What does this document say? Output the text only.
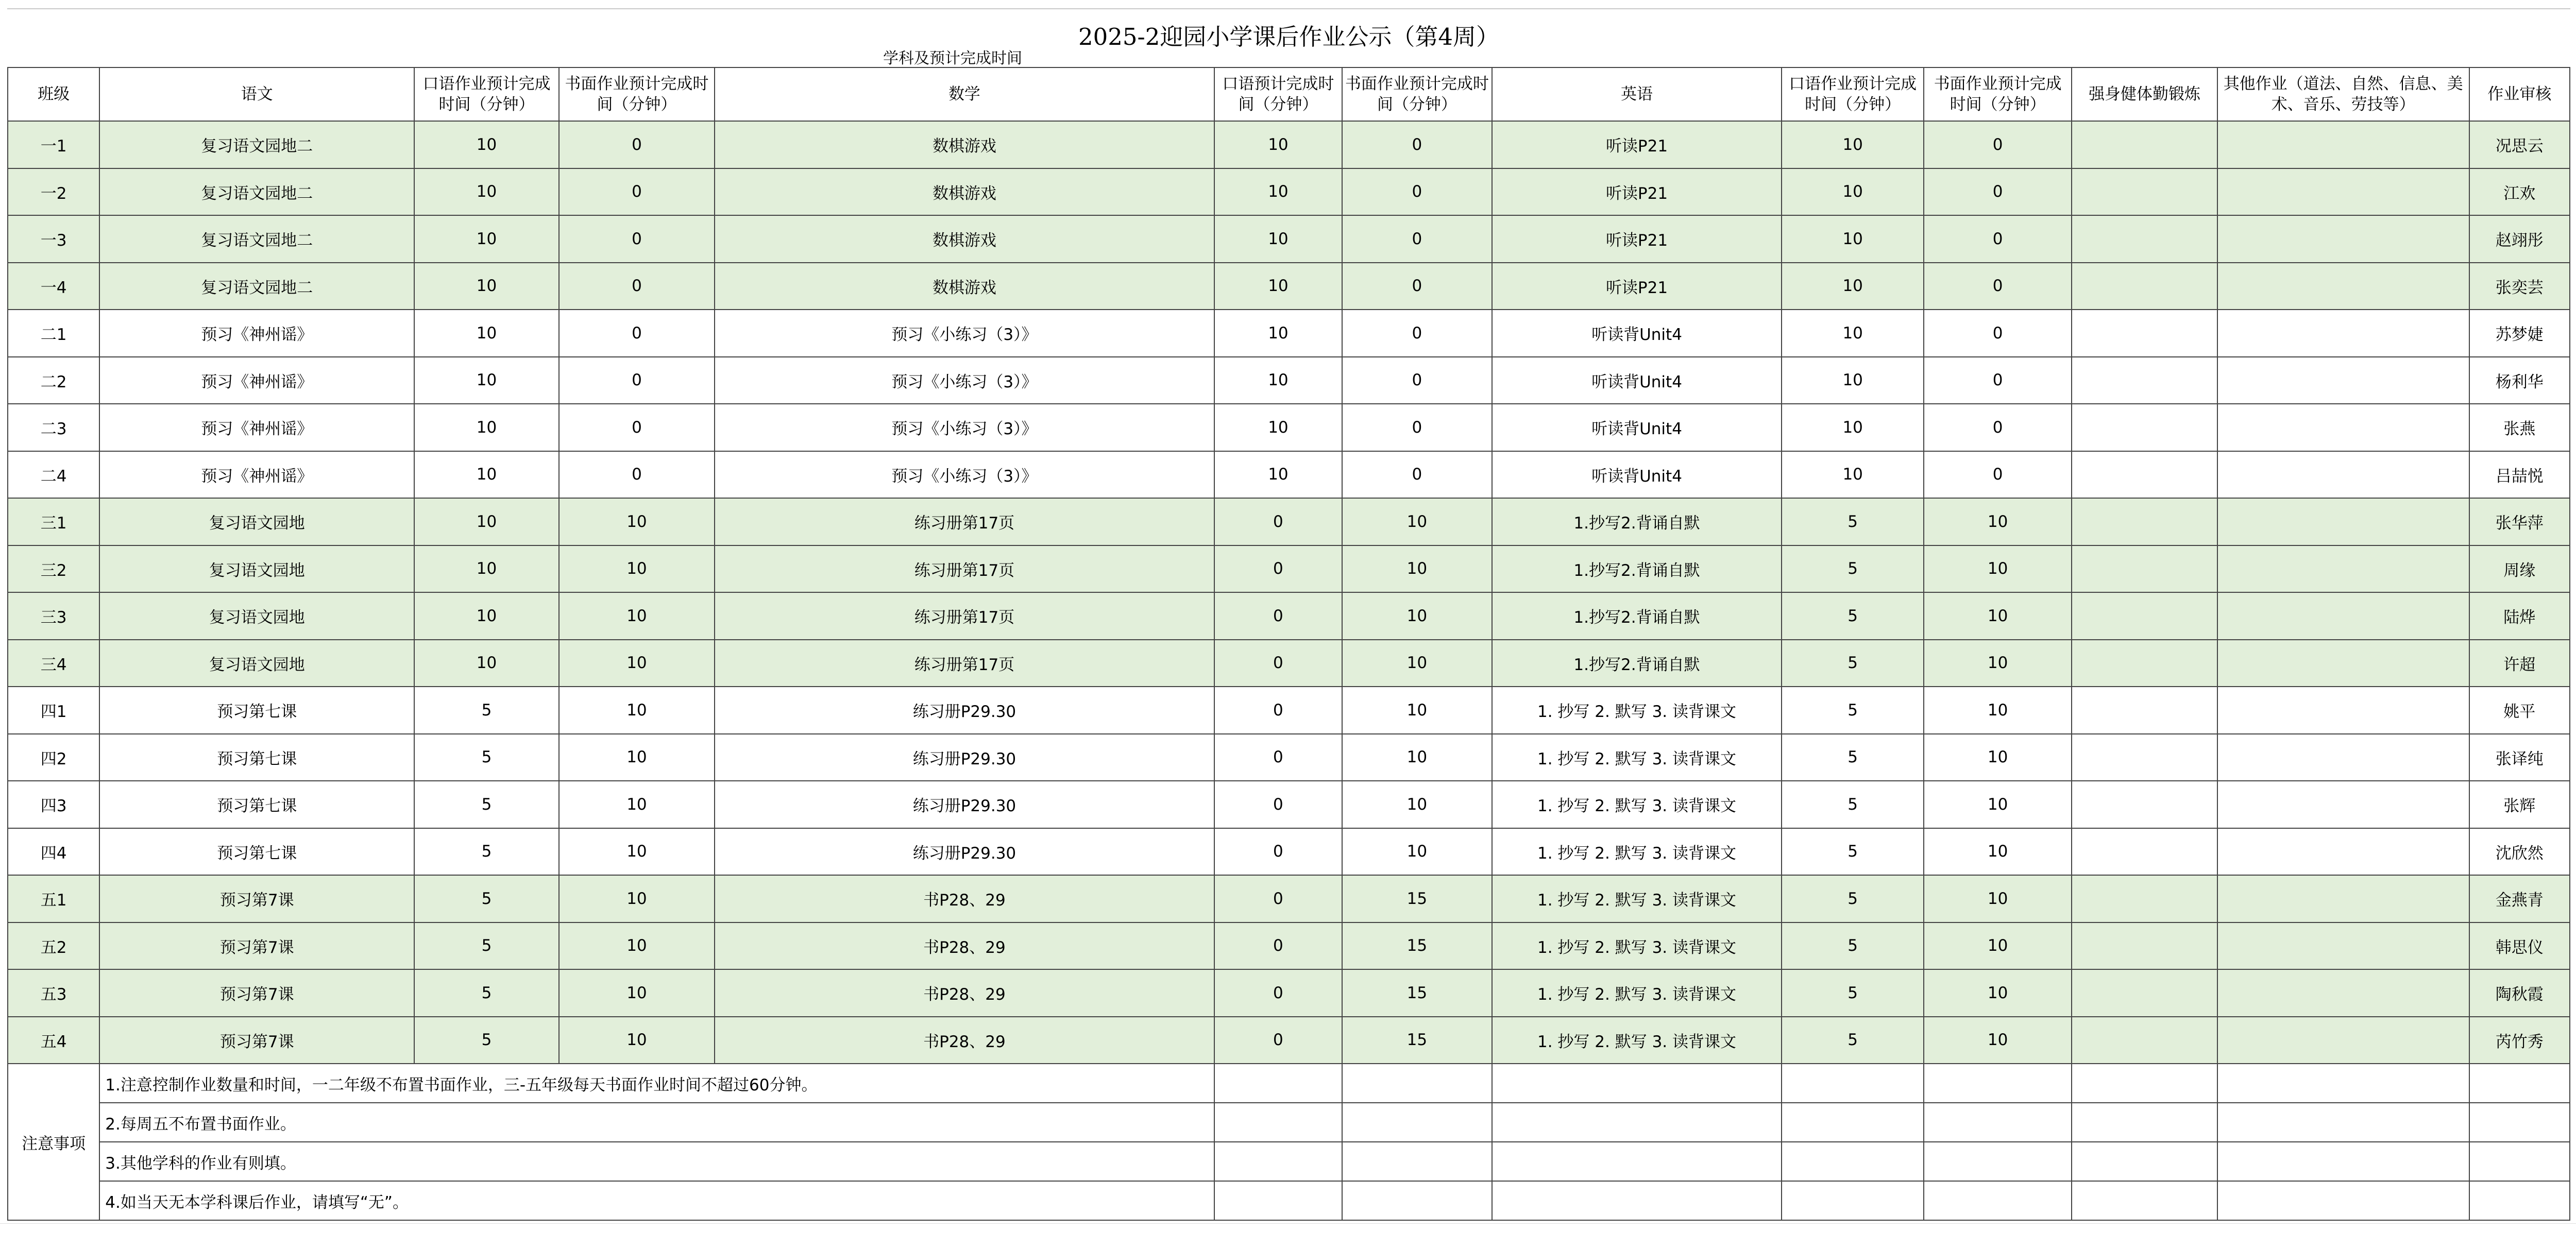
2025-2迎园小学课后作业公示（第4周）
学科及预计完成时间
班级	语文	口语作业预计完成时间（分钟）	书面作业预计完成时间（分钟）	数学	口语预计完成时间（分钟）	书面作业预计完成时间（分钟）	英语	口语作业预计完成时间（分钟）	书面作业预计完成时间（分钟）	强身健体勤锻炼	其他作业（道法、自然、信息、美术、音乐、劳技等）	作业审核
一1	复习语文园地二	10	0	数棋游戏	10	0	听读P21	10	0			况思云
一2	复习语文园地二	10	0	数棋游戏	10	0	听读P21	10	0			江欢
一3	复习语文园地二	10	0	数棋游戏	10	0	听读P21	10	0			赵翊彤
一4	复习语文园地二	10	0	数棋游戏	10	0	听读P21	10	0			张奕芸
二1	预习《神州谣》	10	0	预习《小练习（3）》	10	0	听读背Unit4	10	0			苏梦婕
二2	预习《神州谣》	10	0	预习《小练习（3）》	10	0	听读背Unit4	10	0			杨利华
二3	预习《神州谣》	10	0	预习《小练习（3）》	10	0	听读背Unit4	10	0			张燕
二4	预习《神州谣》	10	0	预习《小练习（3）》	10	0	听读背Unit4	10	0			吕喆悦
三1	复习语文园地	10	10	练习册第17页	0	10	1.抄写2.背诵自默	5	10			张华萍
三2	复习语文园地	10	10	练习册第17页	0	10	1.抄写2.背诵自默	5	10			周缘
三3	复习语文园地	10	10	练习册第17页	0	10	1.抄写2.背诵自默	5	10			陆烨
三4	复习语文园地	10	10	练习册第17页	0	10	1.抄写2.背诵自默	5	10			许超
四1	预习第七课	5	10	练习册P29.30	0	10	1. 抄写 2. 默写 3. 读背课文	5	10			姚平
四2	预习第七课	5	10	练习册P29.30	0	10	1. 抄写 2. 默写 3. 读背课文	5	10			张译纯
四3	预习第七课	5	10	练习册P29.30	0	10	1. 抄写 2. 默写 3. 读背课文	5	10			张辉
四4	预习第七课	5	10	练习册P29.30	0	10	1. 抄写 2. 默写 3. 读背课文	5	10			沈欣然
五1	预习第7课	5	10	书P28、29	0	15	1. 抄写 2. 默写 3. 读背课文	5	10			金燕青
五2	预习第7课	5	10	书P28、29	0	15	1. 抄写 2. 默写 3. 读背课文	5	10			韩思仪
五3	预习第7课	5	10	书P28、29	0	15	1. 抄写 2. 默写 3. 读背课文	5	10			陶秋霞
五4	预习第7课	5	10	书P28、29	0	15	1. 抄写 2. 默写 3. 读背课文	5	10			芮竹秀
注意事项	1.注意控制作业数量和时间，一二年级不布置书面作业，三-五年级每天书面作业时间不超过60分钟。											
	2.每周五不布置书面作业。											
	3.其他学科的作业有则填。											
	4.如当天无本学科课后作业，请填写“无”。											
